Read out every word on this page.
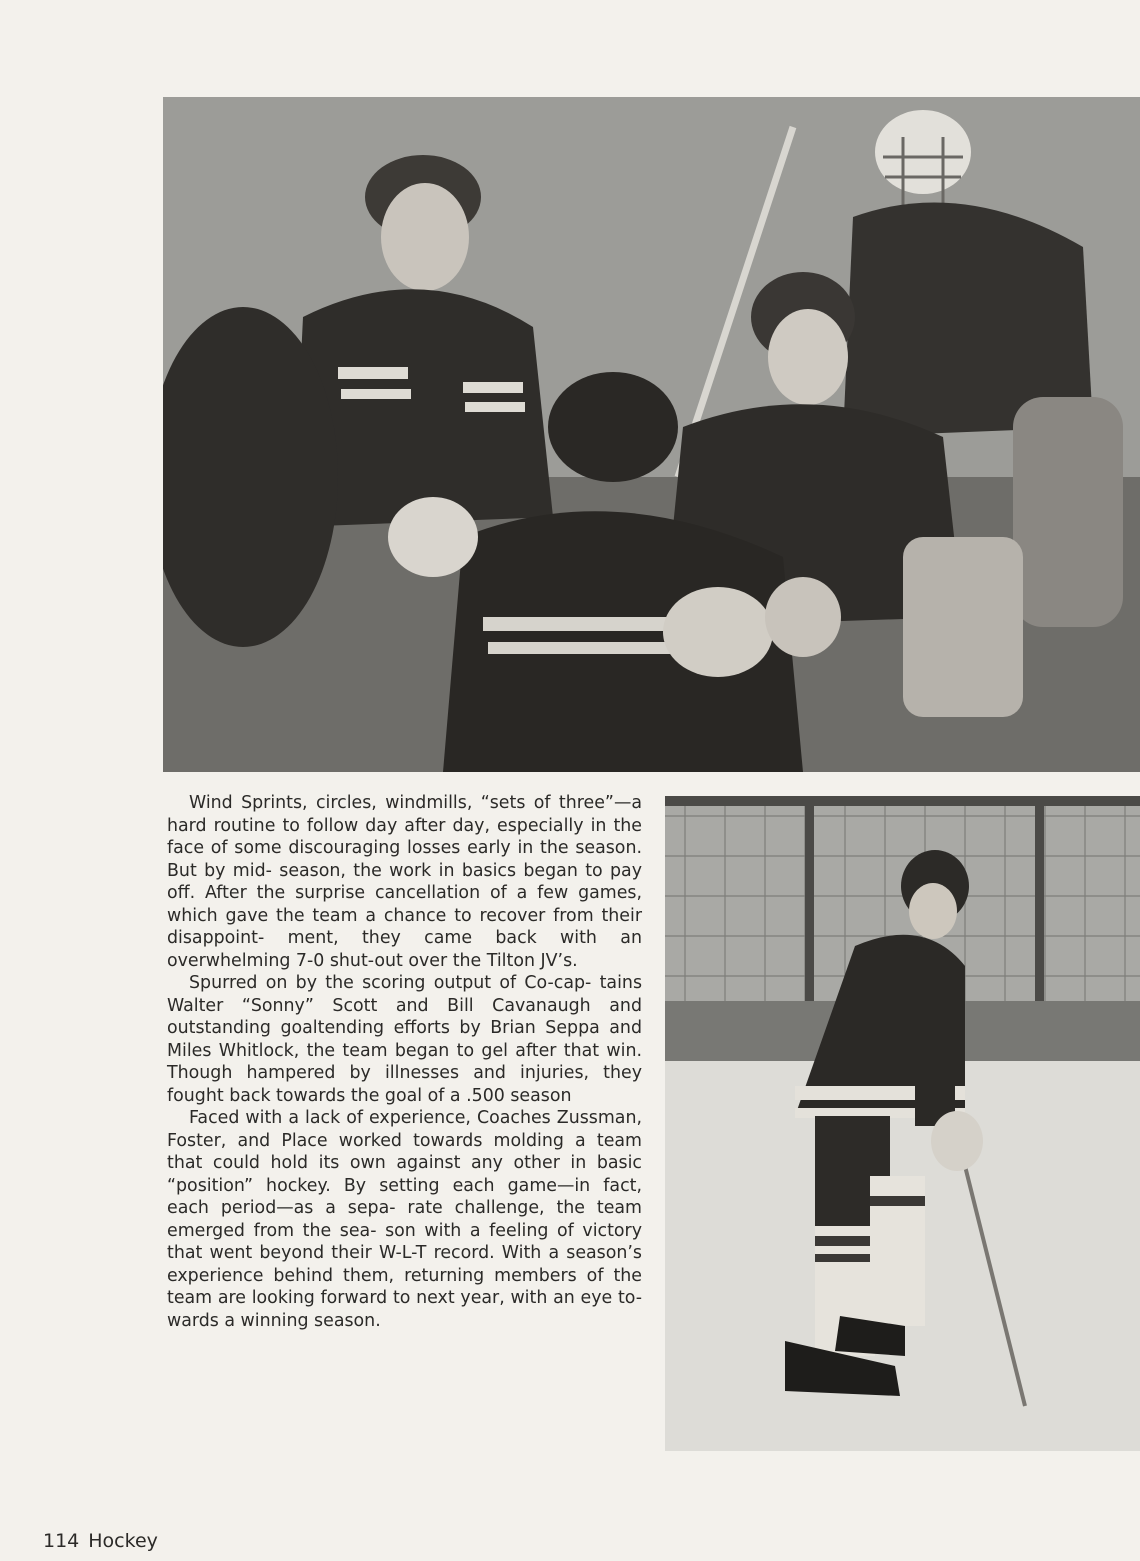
Wind Sprints, circles, windmills, “sets of three”—a hard routine to follow day after day, especially in the face of some discouraging losses early in the season. But by mid- season, the work in basics began to pay off. After the surprise cancellation of a few games, which gave the team a chance to recover from their disappoint- ment, they came back with an overwhelming 7-0 shut-out over the Tilton JV’s.

Spurred on by the scoring output of Co-cap- tains Walter “Sonny” Scott and Bill Cavanaugh and outstanding goaltending efforts by Brian Seppa and Miles Whitlock, the team began to gel after that win. Though hampered by illnesses and injuries, they fought back towards the goal of a .500 season

Faced with a lack of experience, Coaches Zussman, Foster, and Place worked towards molding a team that could hold its own against any other in basic “position” hockey. By setting each game—in fact, each period—as a sepa- rate challenge, the team emerged from the sea- son with a feeling of victory that went beyond their W-L-T record. With a season’s experience behind them, returning members of the team are looking forward to next year, with an eye to- wards a winning season.

114 Hockey
